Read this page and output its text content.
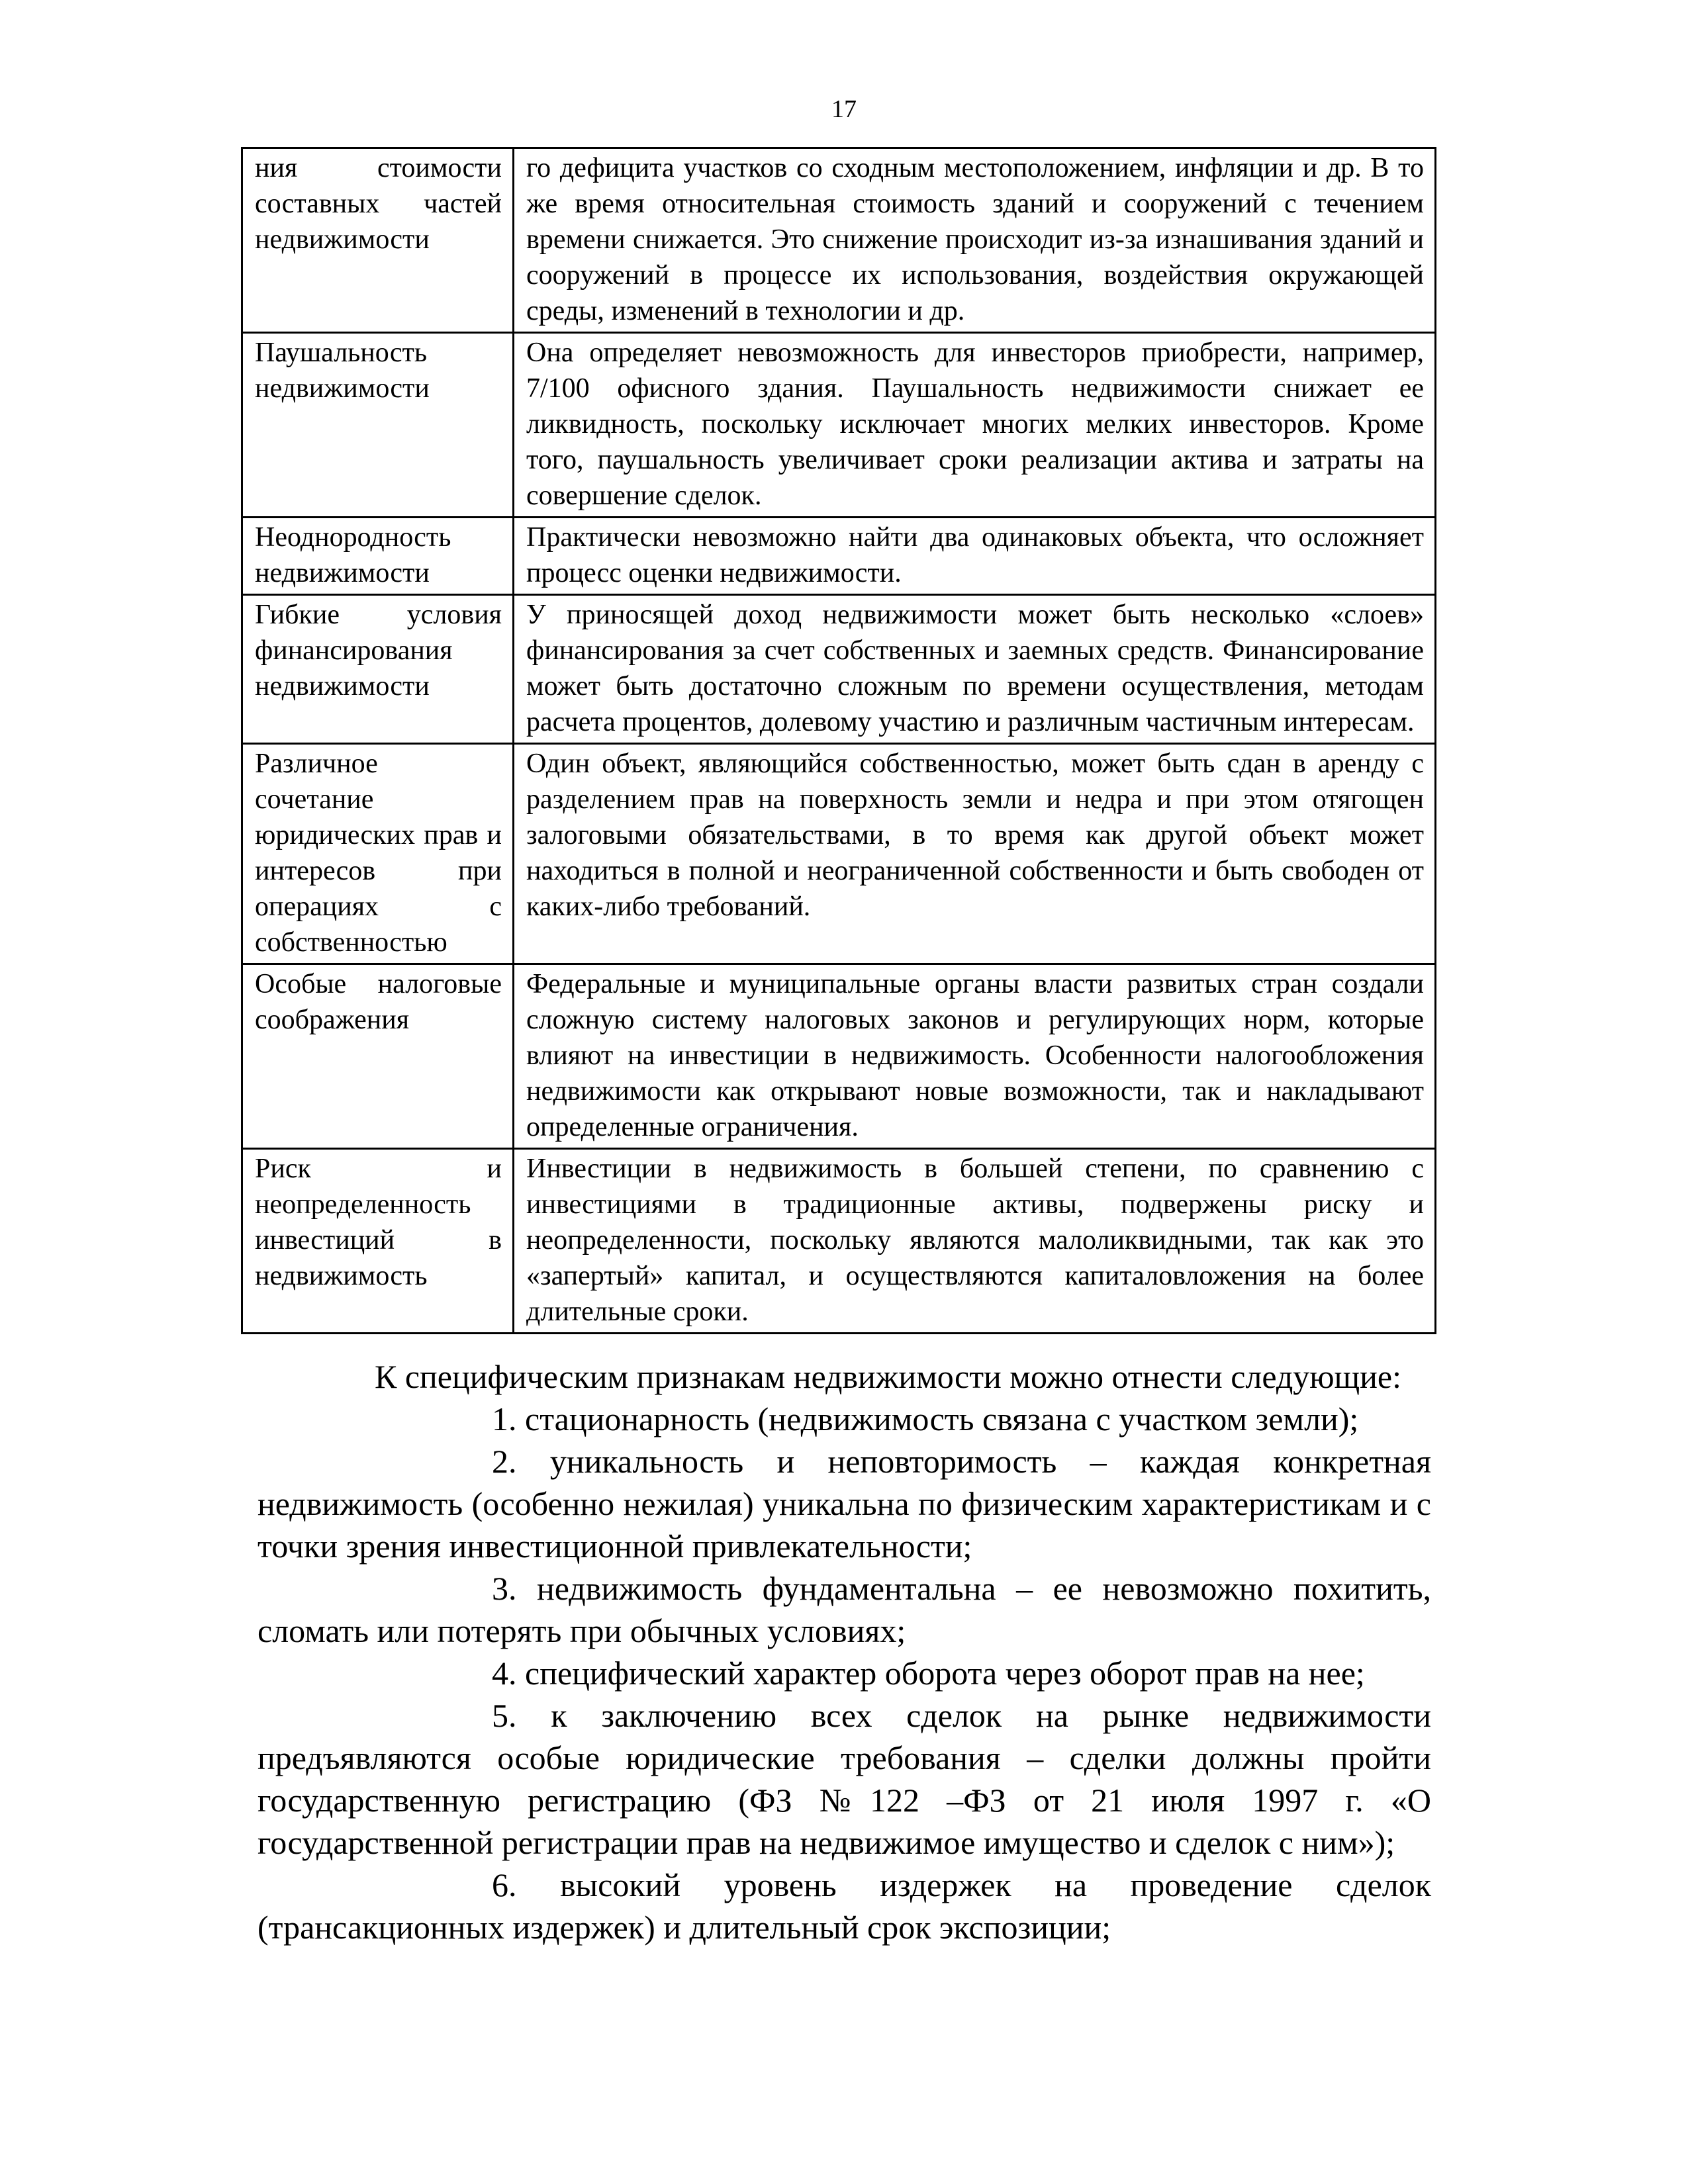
17
ния стоимости составных частей недвижимости	го дефицита участков со сходным местоположением, инфляции и др. В то же время относительная стоимость зданий и сооружений с течением времени снижается. Это снижение происходит из-за изнашивания зданий и сооружений в процессе их использования, воздействия окружающей среды, изменений в технологии и др.
Паушальность недвижимости	Она определяет невозможность для инвесторов приобрести, например, 7/100 офисного здания. Паушальность недвижимости снижает ее ликвидность, поскольку исключает многих мелких инвесторов. Кроме того, паушальность увеличивает сроки реализации актива и затраты на совершение сделок.
Неоднородность недвижимости	Практически невозможно найти два одинаковых объекта, что осложняет процесс оценки недвижимости.
Гибкие условия финансирования недвижимости	У приносящей доход недвижимости может быть несколько «слоев» финансирования за счет собственных и заемных средств. Финансирование может быть достаточно сложным по времени осуществления, методам расчета процентов, долевому участию и различным частичным интересам.
Различное сочетание юридических прав и интересов при операциях с собственностью	Один объект, являющийся собственностью, может быть сдан в аренду с разделением прав на поверхность земли и недра и при этом отягощен залоговыми обязательствами, в то время как другой объект может находиться в полной и неограниченной собственности и быть свободен от каких-либо требований.
Особые налоговые соображения	Федеральные и муниципальные органы власти развитых стран создали сложную систему налоговых законов и регулирующих норм, которые влияют на инвестиции в недвижимость. Особенности налогообложения недвижимости как открывают новые возможности, так и накладывают определенные ограничения.
Риск и неопределенность инвестиций в недвижимость	Инвестиции в недвижимость в большей степени, по сравнению с инвестициями в традиционные активы, подвержены риску и неопределенности, поскольку являются малоликвидными, так как это «запертый» капитал, и осуществляются капиталовложения на более длительные сроки.

К специфическим признакам недвижимости можно отнести следующие:

1. стационарность (недвижимость связана с участком земли);

2. уникальность и неповторимость – каждая конкретная недвижимость (особенно нежилая) уникальна по физическим характеристикам и с точки зрения инвестиционной привлекательности;

3. недвижимость фундаментальна – ее невозможно похитить, сломать или потерять при обычных условиях;

4. специфический характер оборота через оборот прав на нее;

5. к заключению всех сделок на рынке недвижимости предъявляются особые юридические требования – сделки должны пройти государственную регистрацию (ФЗ №122 –ФЗ от 21 июля 1997 г. «О государственной регистрации прав на недвижимое имущество и сделок с ним»);

6. высокий уровень издержек на проведение сделок (трансакционных издержек) и длительный срок экспозиции;
